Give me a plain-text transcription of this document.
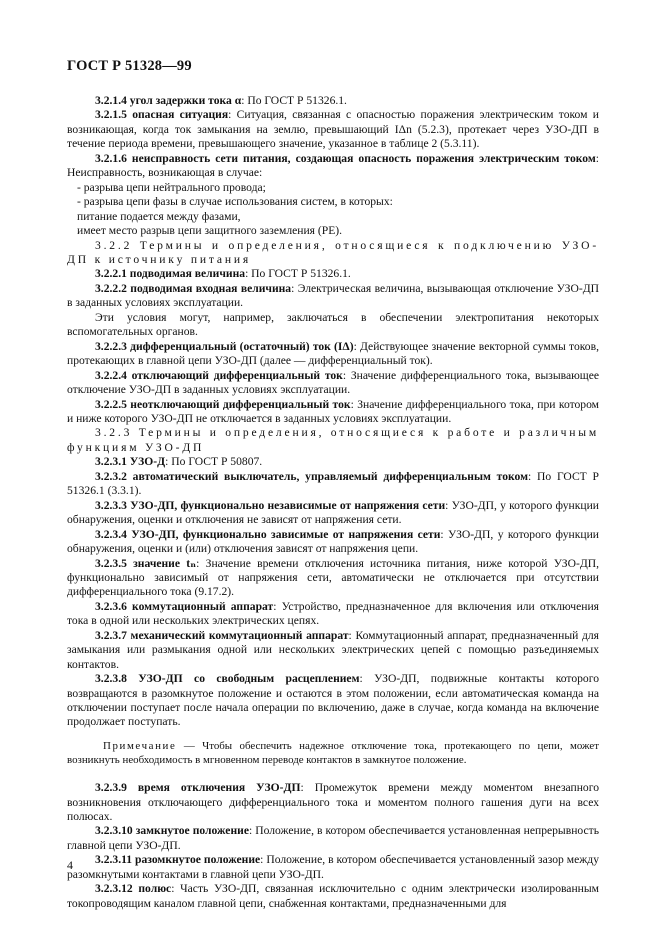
ГОСТ Р 51328—99

3.2.1.4 угол задержки тока α: По ГОСТ Р 51326.1.

3.2.1.5 опасная ситуация: Ситуация, связанная с опасностью поражения электрическим током и возникающая, когда ток замыкания на землю, превышающий IΔn (5.2.3), протекает через УЗО-ДП в течение периода времени, превышающего значение, указанное в таблице 2 (5.3.11).

3.2.1.6 неисправность сети питания, создающая опасность поражения электрическим током: Неисправность, возникающая в случае:

- разрыва цепи нейтрального провода;

- разрыва цепи фазы в случае использования систем, в которых:

питание подается между фазами,

имеет место разрыв цепи защитного заземления (PE).

3.2.2 Термины и определения, относящиеся к подключению УЗО-ДП к источнику питания

3.2.2.1 подводимая величина: По ГОСТ Р 51326.1.

3.2.2.2 подводимая входная величина: Электрическая величина, вызывающая отключение УЗО-ДП в заданных условиях эксплуатации.

Эти условия могут, например, заключаться в обеспечении электропитания некоторых вспомогательных органов.

3.2.2.3 дифференциальный (остаточный) ток (IΔ): Действующее значение векторной суммы токов, протекающих в главной цепи УЗО-ДП (далее — дифференциальный ток).

3.2.2.4 отключающий дифференциальный ток: Значение дифференциального тока, вызывающее отключение УЗО-ДП в заданных условиях эксплуатации.

3.2.2.5 неотключающий дифференциальный ток: Значение дифференциального тока, при котором и ниже которого УЗО-ДП не отключается в заданных условиях эксплуатации.

3.2.3 Термины и определения, относящиеся к работе и различным функциям УЗО-ДП

3.2.3.1 УЗО-Д: По ГОСТ Р 50807.

3.2.3.2 автоматический выключатель, управляемый дифференциальным током: По ГОСТ Р 51326.1 (3.3.1).

3.2.3.3 УЗО-ДП, функционально независимые от напряжения сети: УЗО-ДП, у которого функции обнаружения, оценки и отключения не зависят от напряжения сети.

3.2.3.4 УЗО-ДП, функционально зависимые от напряжения сети: УЗО-ДП, у которого функции обнаружения, оценки и (или) отключения зависят от напряжения цепи.

3.2.3.5 значение tₙ: Значение времени отключения источника питания, ниже которой УЗО-ДП, функционально зависимый от напряжения сети, автоматически не отключается при отсутствии дифференциального тока (9.17.2).

3.2.3.6 коммутационный аппарат: Устройство, предназначенное для включения или отключения тока в одной или нескольких электрических цепях.

3.2.3.7 механический коммутационный аппарат: Коммутационный аппарат, предназначенный для замыкания или размыкания одной или нескольких электрических цепей с помощью разъединяемых контактов.

3.2.3.8 УЗО-ДП со свободным расцеплением: УЗО-ДП, подвижные контакты которого возвращаются в разомкнутое положение и остаются в этом положении, если автоматическая команда на отключении поступает после начала операции по включению, даже в случае, когда команда на включение продолжает поступать.

Примечание — Чтобы обеспечить надежное отключение тока, протекающего по цепи, может возникнуть необходимость в мгновенном переводе контактов в замкнутое положение.

3.2.3.9 время отключения УЗО-ДП: Промежуток времени между моментом внезапного возникновения отключающего дифференциального тока и моментом полного гашения дуги на всех полюсах.

3.2.3.10 замкнутое положение: Положение, в котором обеспечивается установленная непрерывность главной цепи УЗО-ДП.

3.2.3.11 разомкнутое положение: Положение, в котором обеспечивается установленный зазор между разомкнутыми контактами в главной цепи УЗО-ДП.

3.2.3.12 полюс: Часть УЗО-ДП, связанная исключительно с одним электрически изолированным токопроводящим каналом главной цепи, снабженная контактами, предназначенными для

4
